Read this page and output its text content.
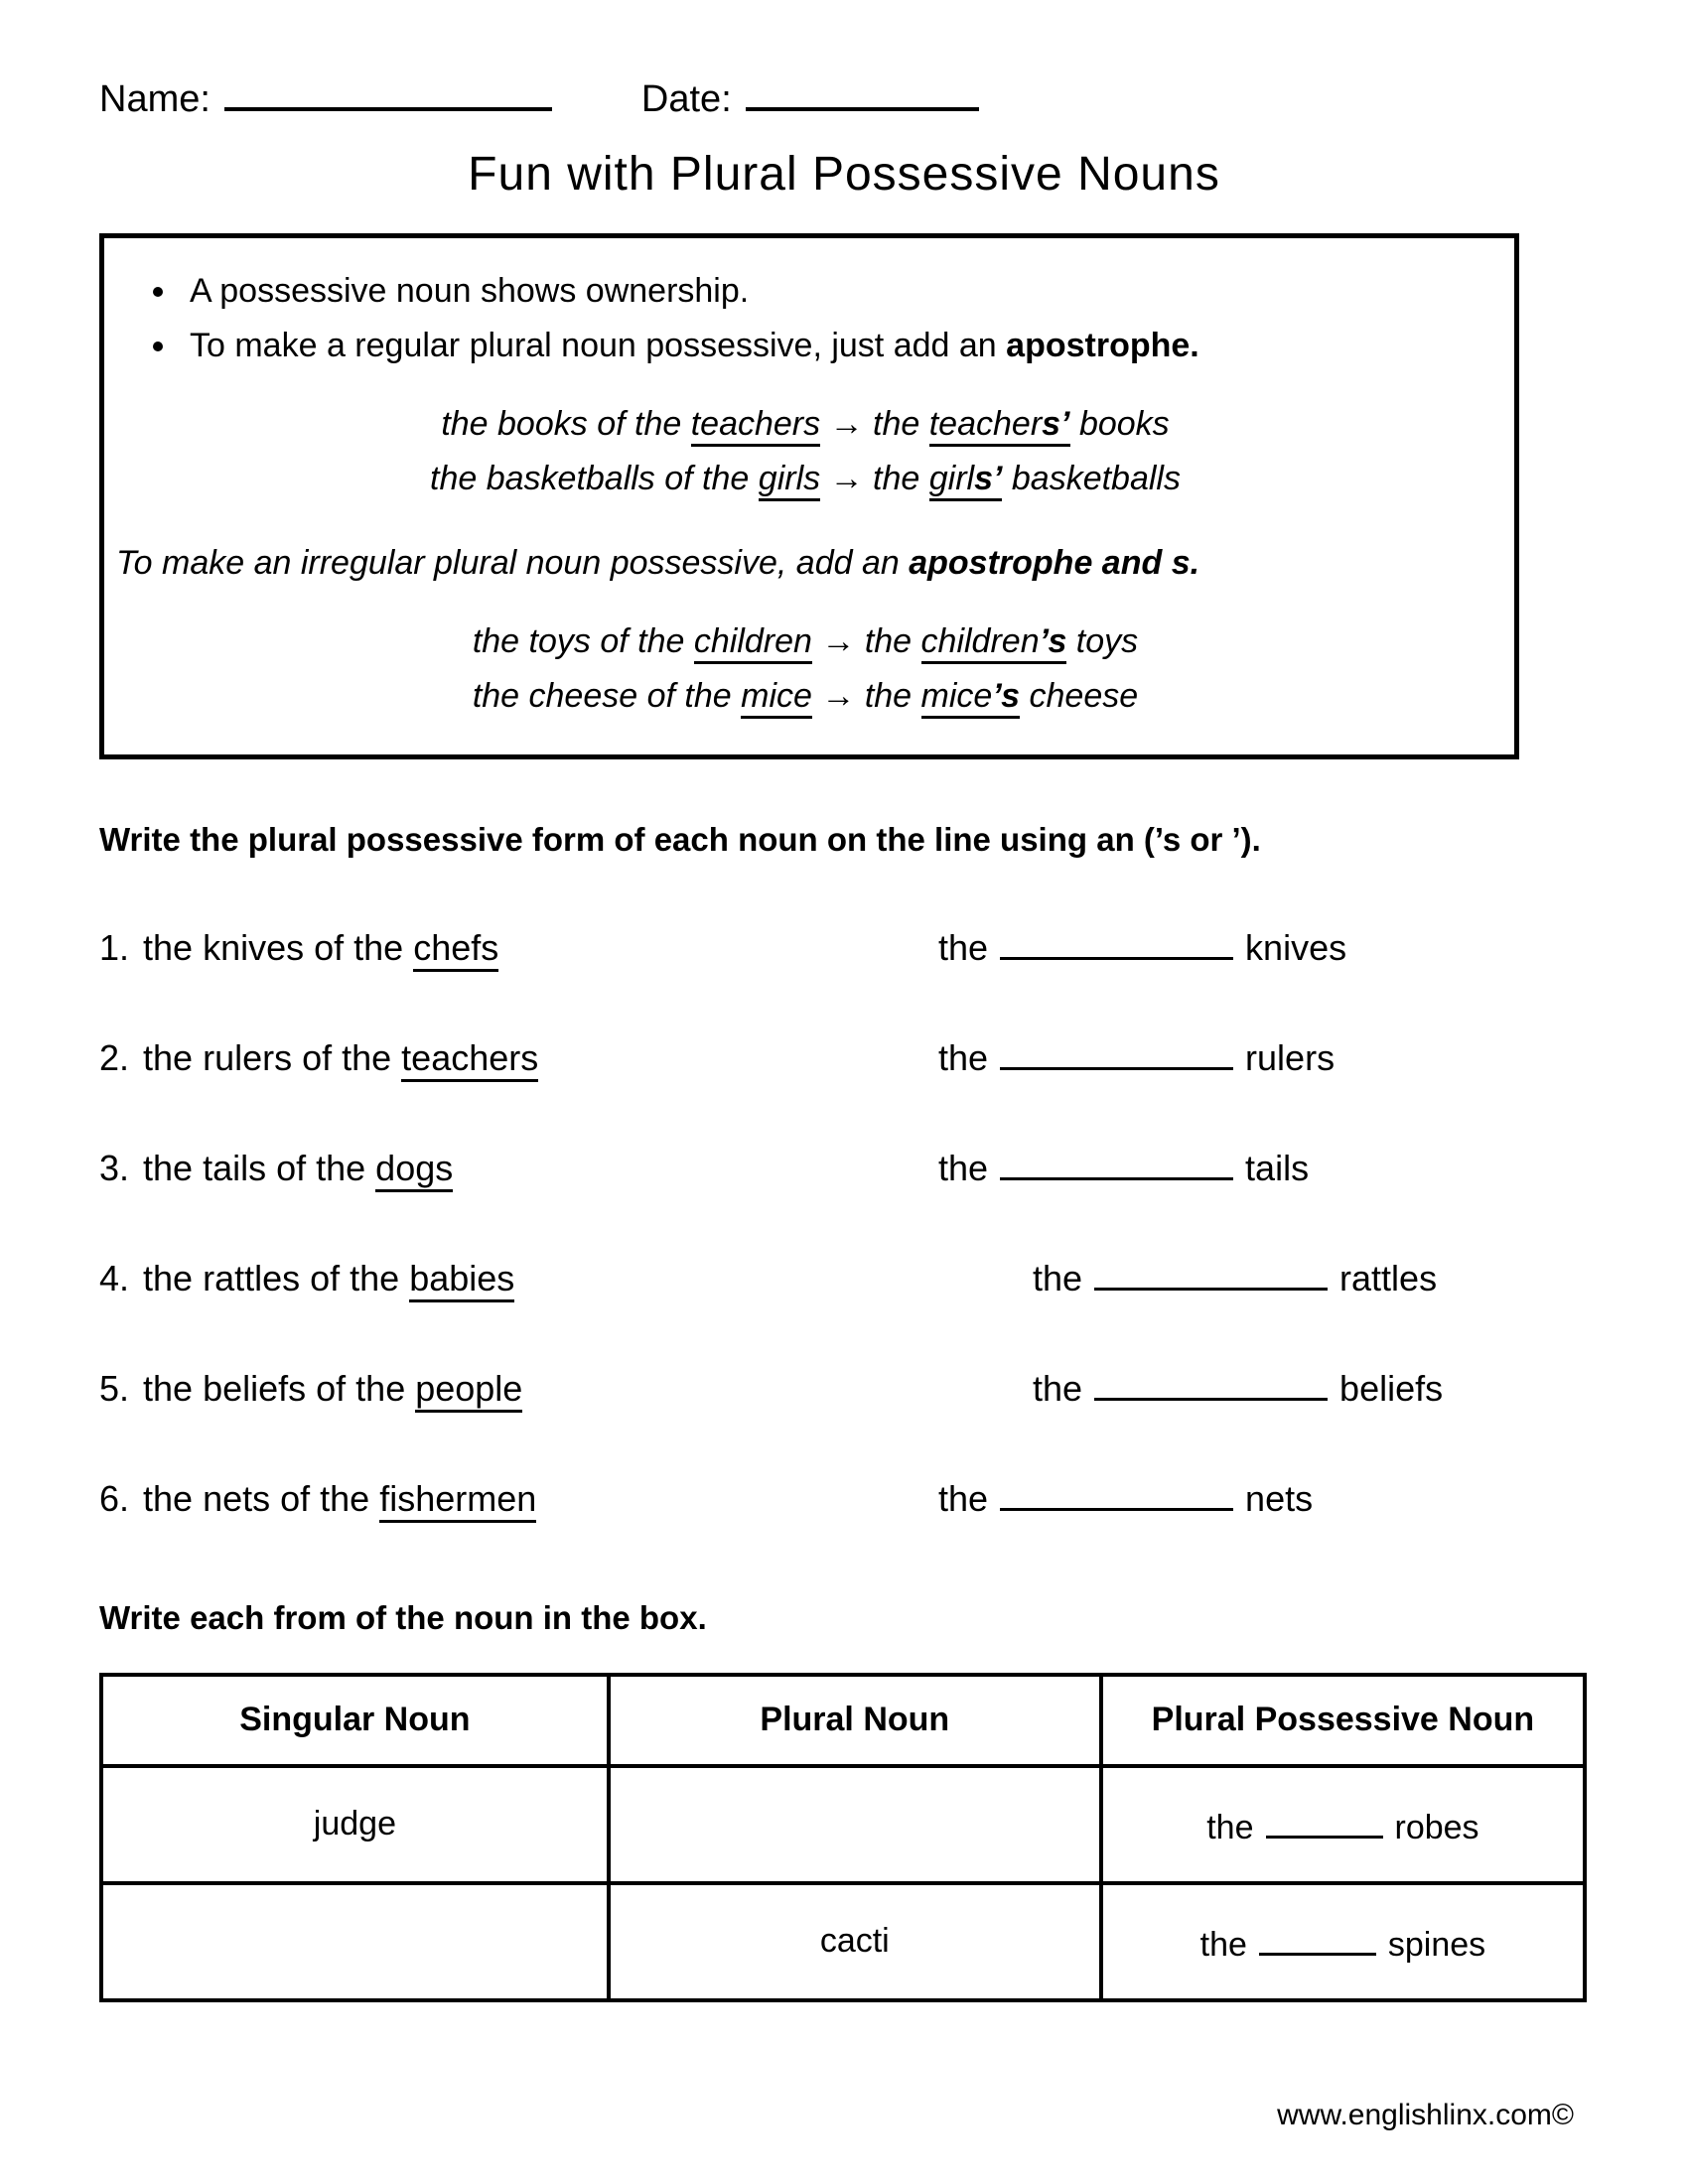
Name:	Date:
Fun with Plural Possessive Nouns
• A possessive noun shows ownership.
• To make a regular plural noun possessive, just add an apostrophe.
the books of the teachers → the teachers’ books
the basketballs of the girls → the girls’ basketballs
To make an irregular plural noun possessive, add an apostrophe and s.
the toys of the children → the children’s toys
the cheese of the mice → the mice’s cheese
Write the plural possessive form of each noun on the line using an (’s or ’).
1. the knives of the chefs	the	knives
2. the rulers of the teachers	the	rulers
3. the tails of the dogs	the	tails
4. the rattles of the babies	the	rattles
5. the beliefs of the people	the	beliefs
6. the nets of the fishermen	the	nets
Write each from of the noun in the box.
Singular Noun	Plural Noun	Plural Possessive Noun
judge		the robes
	cacti	the spines
www.englishlinx.com©
